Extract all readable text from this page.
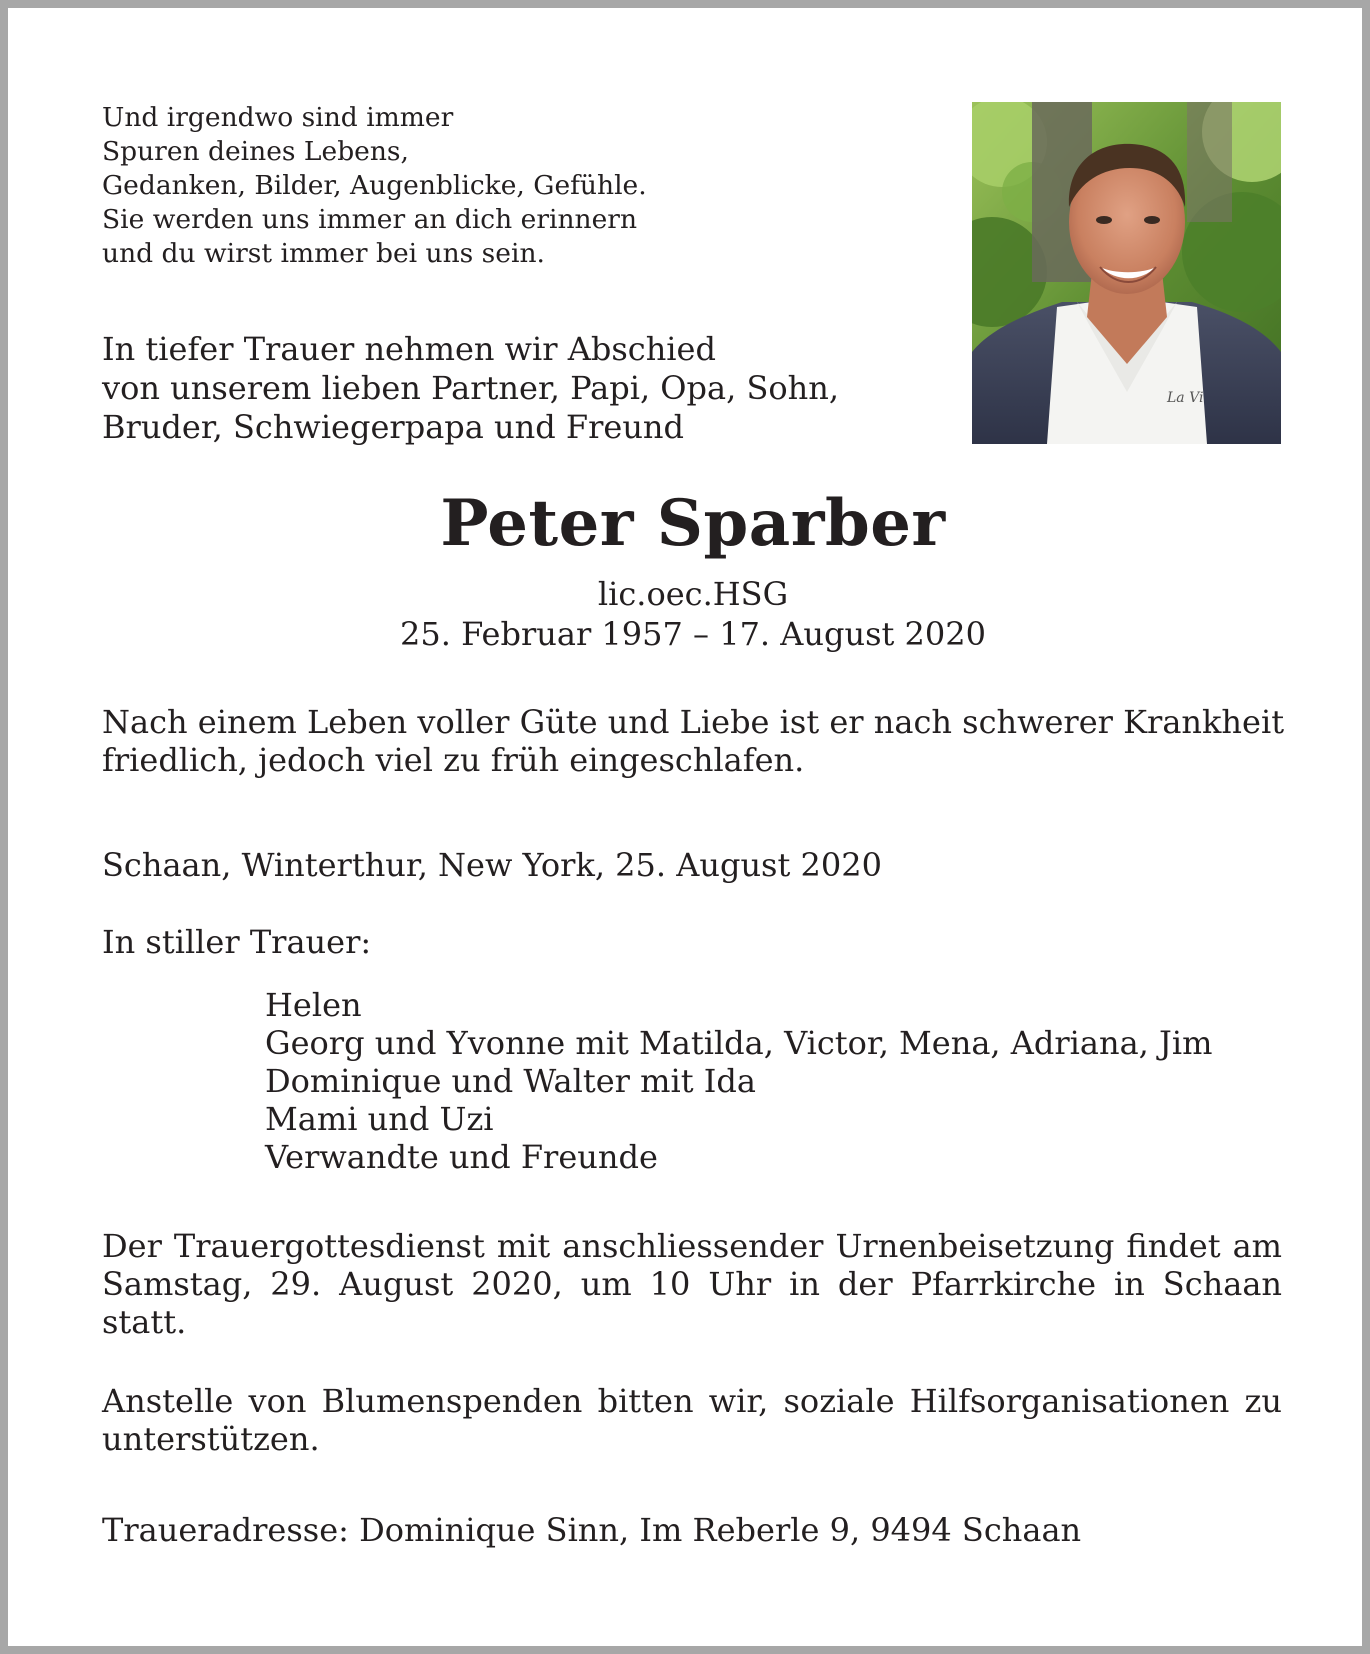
Und irgendwo sind immer
Spuren deines Lebens,
Gedanken, Bilder, Augenblicke, Gefühle.
Sie werden uns immer an dich erinnern
und du wirst immer bei uns sein.
In tiefer Trauer nehmen wir Abschied
von unserem lieben Partner, Papi, Opa, Sohn,
Bruder, Schwiegerpapa und Freund
La Vi
Peter Sparber
lic.oec.HSG
25. Februar 1957 – 17. August 2020
Nach einem Leben voller Güte und Liebe ist er nach schwerer Krankheit
friedlich, jedoch viel zu früh eingeschlafen.
Schaan, Winterthur, New York, 25. August 2020
In stiller Trauer:
Helen
Georg und Yvonne mit Matilda, Victor, Mena, Adriana, Jim
Dominique und Walter mit Ida
Mami und Uzi
Verwandte und Freunde
Der Trauergottesdienst mit anschliessender Urnenbeisetzung findet am Samstag, 29. August 2020, um 10 Uhr in der Pfarrkirche in Schaan statt.
Anstelle von Blumenspenden bitten wir, soziale Hilfsorganisationen zu unterstützen.
Traueradresse: Dominique Sinn, Im Reberle 9, 9494 Schaan
